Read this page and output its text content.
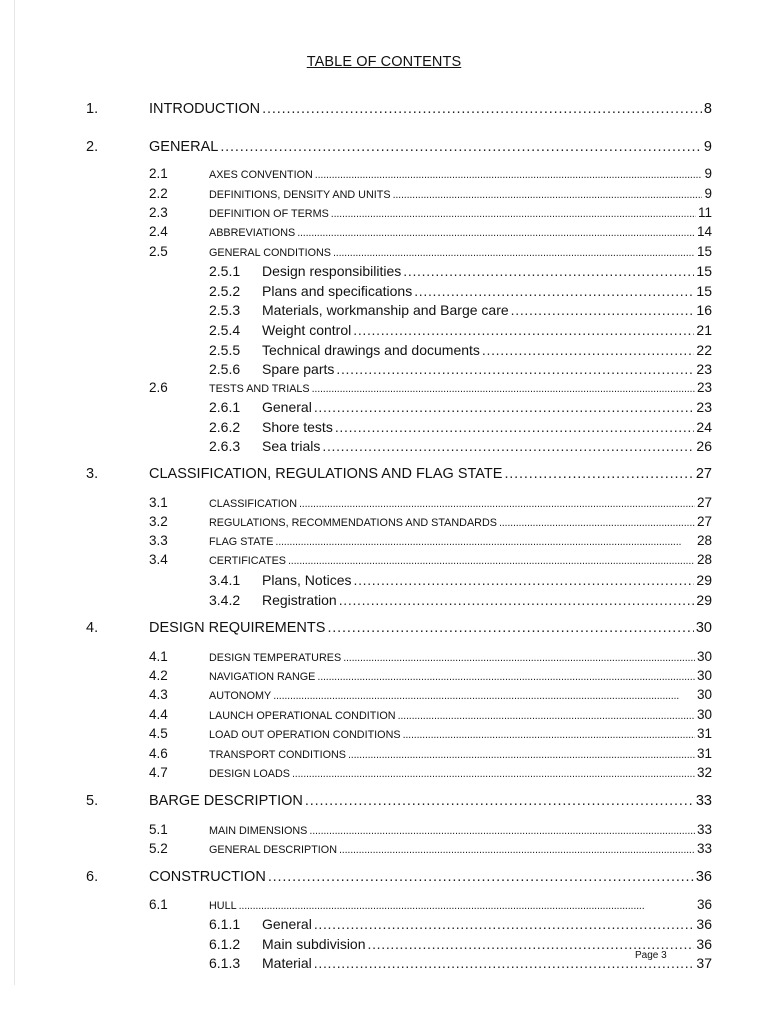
TABLE OF CONTENTS
1.	INTRODUCTION . . .	8
2.	GENERAL . . .	9
2.1	AXES CONVENTION . . .	9
2.2	DEFINITIONS, DENSITY AND UNITS . . .	9
2.3	DEFINITION OF TERMS . . .	11
2.4	ABBREVIATIONS . . .	14
2.5	GENERAL CONDITIONS . . .	15
2.5.1 Design responsibilities . . .	15
2.5.2 Plans and specifications . . .	15
2.5.3 Materials, workmanship and Barge care . . .	16
2.5.4 Weight control . . .	21
2.5.5 Technical drawings and documents . . .	22
2.5.6 Spare parts . . .	23
2.6	TESTS AND TRIALS . . .	23
2.6.1 General . . .	23
2.6.2 Shore tests . . .	24
2.6.3 Sea trials . . .	26
3.	CLASSIFICATION, REGULATIONS AND FLAG STATE . . .	27
3.1	CLASSIFICATION . . .	27
3.2	REGULATIONS, RECOMMENDATIONS AND STANDARDS . . .	27
3.3	FLAG STATE . . .	28
3.4	CERTIFICATES . . .	28
3.4.1 Plans, Notices . . .	29
3.4.2 Registration . . .	29
4.	DESIGN REQUIREMENTS . . .	30
4.1	DESIGN TEMPERATURES . . .	30
4.2	NAVIGATION RANGE . . .	30
4.3	AUTONOMY . . .	30
4.4	LAUNCH OPERATIONAL CONDITION . . .	30
4.5	LOAD OUT OPERATION CONDITIONS . . .	31
4.6	TRANSPORT CONDITIONS . . .	31
4.7	DESIGN LOADS . . .	32
5.	BARGE DESCRIPTION . . .	33
5.1	MAIN DIMENSIONS . . .	33
5.2	GENERAL DESCRIPTION . . .	33
6.	CONSTRUCTION . . .	36
6.1	HULL . . .	36
6.1.1 General . . .	36
6.1.2 Main subdivision . . .	36
6.1.3 Material . . .	37
Page 3
